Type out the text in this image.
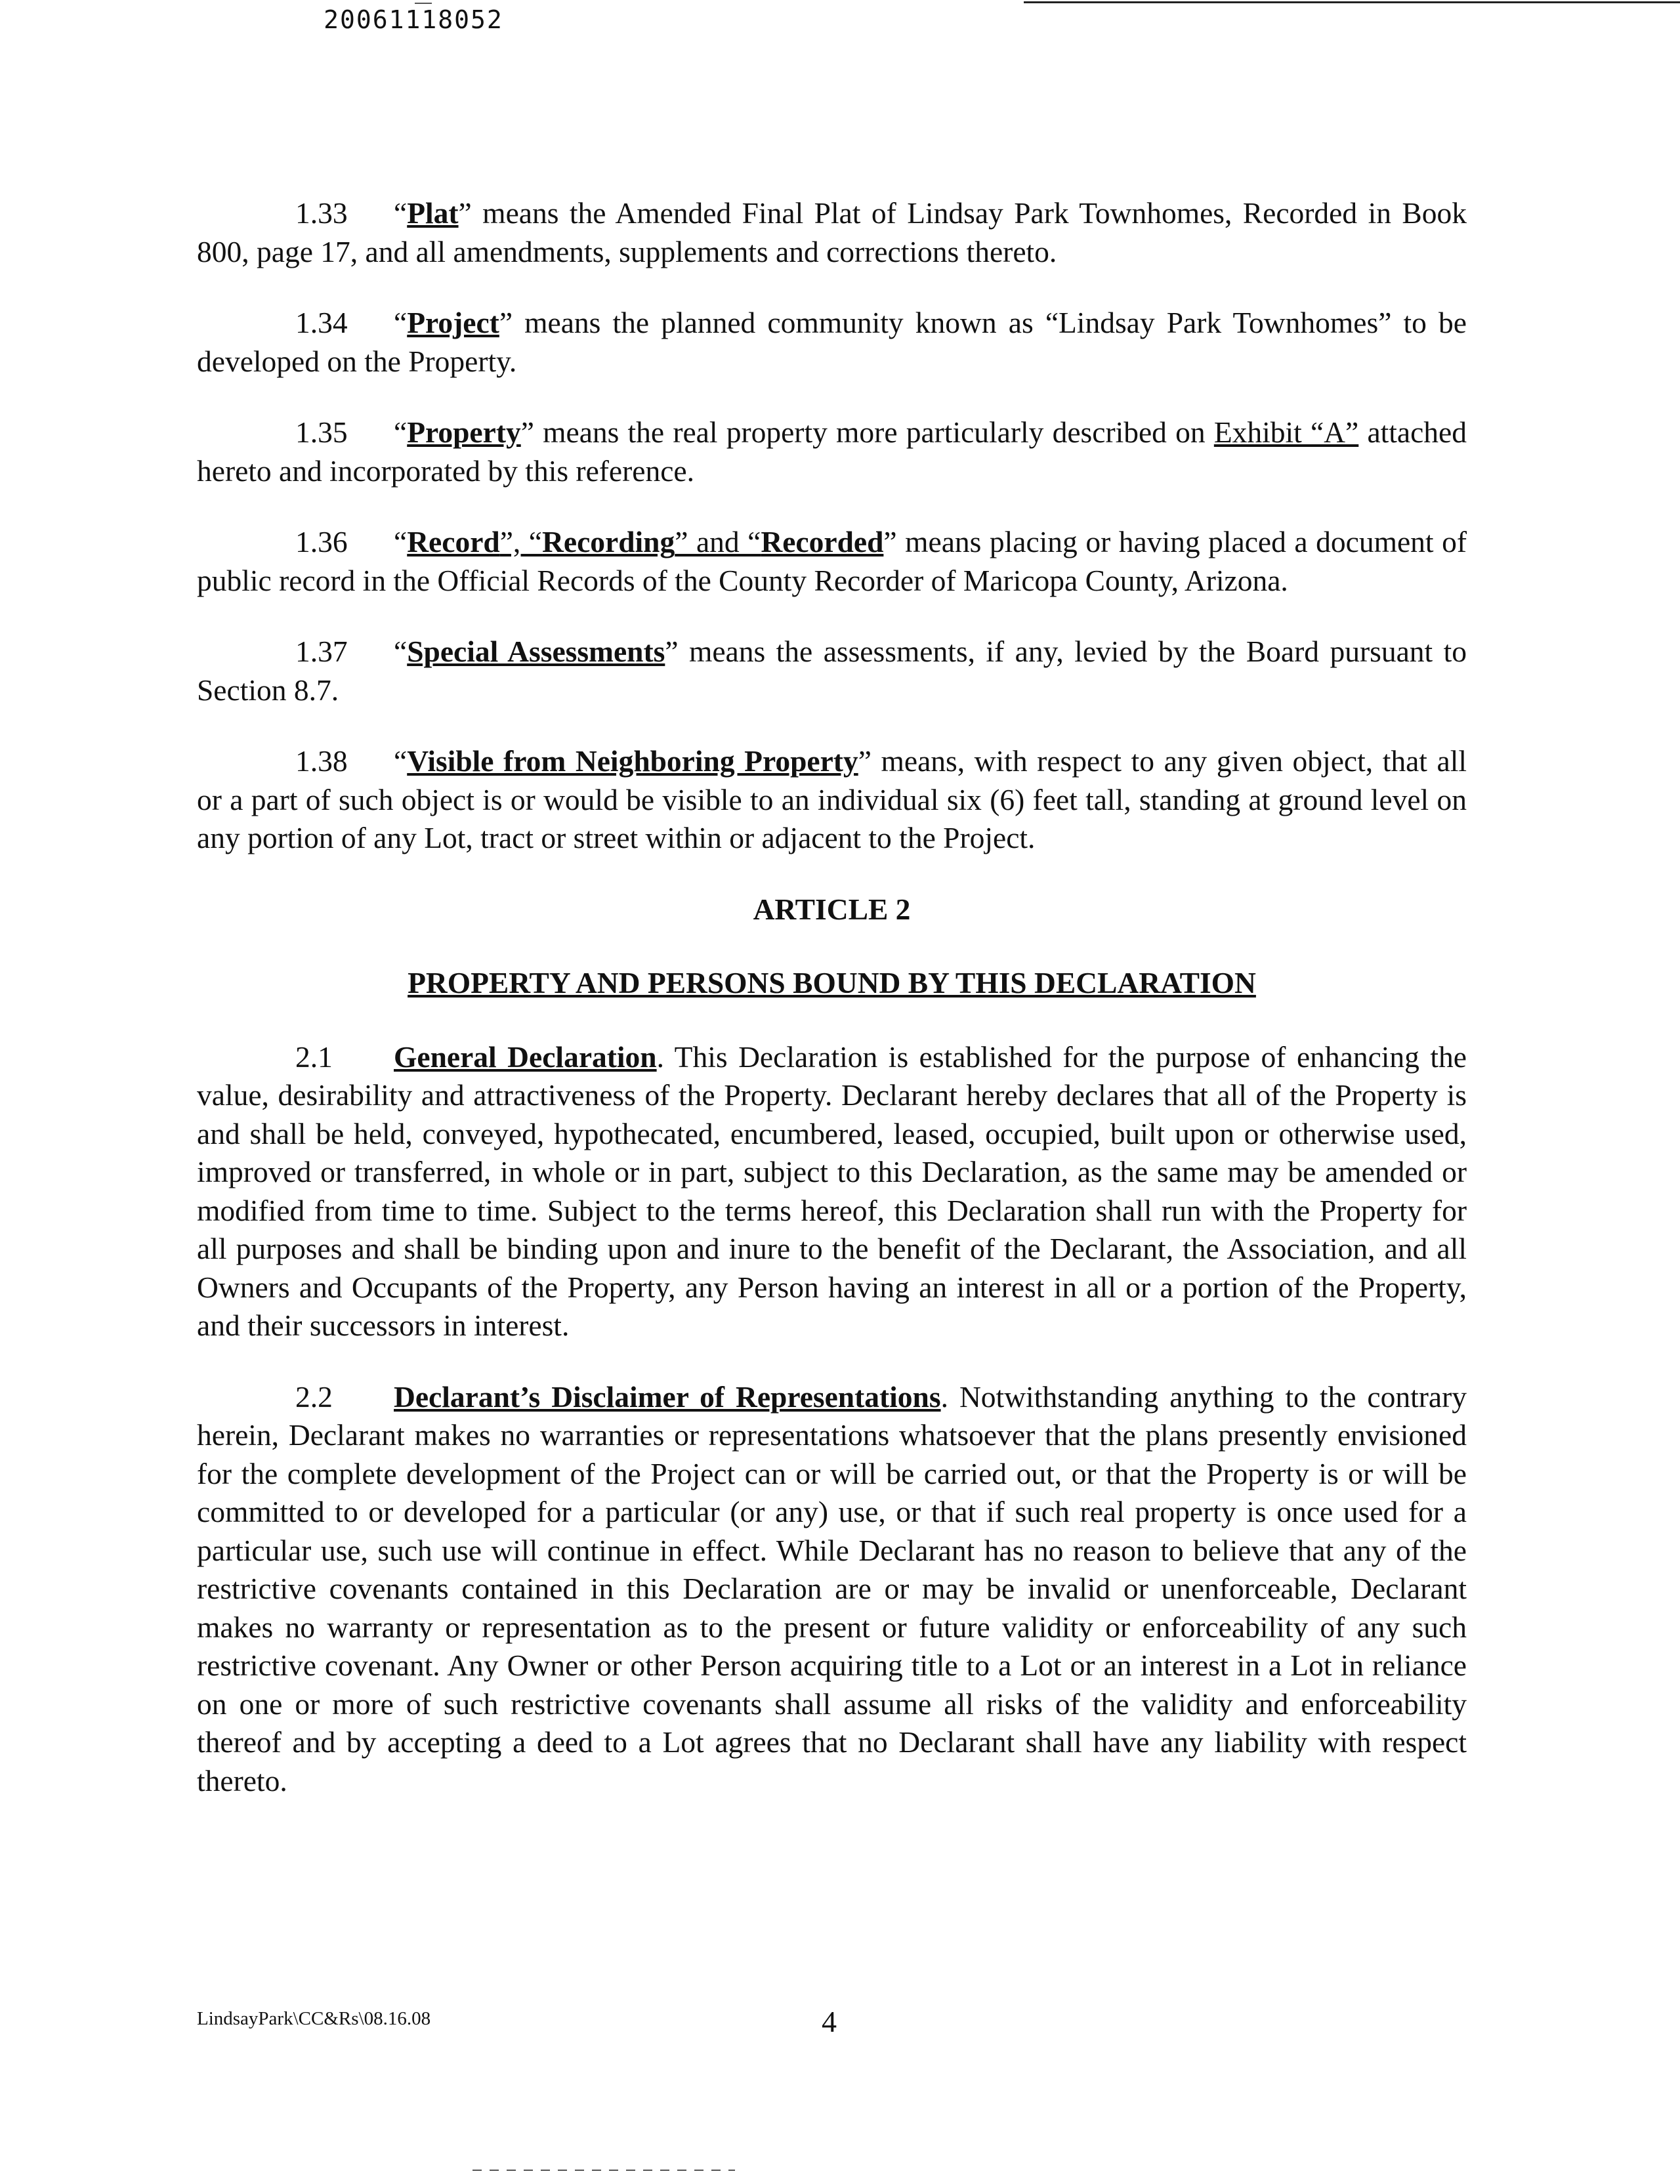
20061118052

1.33 “Plat” means the Amended Final Plat of Lindsay Park Townhomes, Recorded in Book 800, page 17, and all amendments, supplements and corrections thereto.

1.34 “Project” means the planned community known as “Lindsay Park Townhomes” to be developed on the Property.

1.35 “Property” means the real property more particularly described on Exhibit “A” attached hereto and incorporated by this reference.

1.36 “Record”, “Recording” and “Recorded” means placing or having placed a document of public record in the Official Records of the County Recorder of Maricopa County, Arizona.

1.37 “Special Assessments” means the assessments, if any, levied by the Board pursuant to Section 8.7.

1.38 “Visible from Neighboring Property” means, with respect to any given object, that all or a part of such object is or would be visible to an individual six (6) feet tall, standing at ground level on any portion of any Lot, tract or street within or adjacent to the Project.

ARTICLE 2
PROPERTY AND PERSONS BOUND BY THIS DECLARATION

2.1 General Declaration. This Declaration is established for the purpose of enhancing the value, desirability and attractiveness of the Property. Declarant hereby declares that all of the Property is and shall be held, conveyed, hypothecated, encumbered, leased, occupied, built upon or otherwise used, improved or transferred, in whole or in part, subject to this Declaration, as the same may be amended or modified from time to time. Subject to the terms hereof, this Declaration shall run with the Property for all purposes and shall be binding upon and inure to the benefit of the Declarant, the Association, and all Owners and Occupants of the Property, any Person having an interest in all or a portion of the Property, and their successors in interest.

2.2 Declarant’s Disclaimer of Representations. Notwithstanding anything to the contrary herein, Declarant makes no warranties or representations whatsoever that the plans presently envisioned for the complete development of the Project can or will be carried out, or that the Property is or will be committed to or developed for a particular (or any) use, or that if such real property is once used for a particular use, such use will continue in effect. While Declarant has no reason to believe that any of the restrictive covenants contained in this Declaration are or may be invalid or unenforceable, Declarant makes no warranty or representation as to the present or future validity or enforceability of any such restrictive covenant. Any Owner or other Person acquiring title to a Lot or an interest in a Lot in reliance on one or more of such restrictive covenants shall assume all risks of the validity and enforceability thereof and by accepting a deed to a Lot agrees that no Declarant shall have any liability with respect thereto.

LindsayPark\CC&Rs\08.16.08	4
